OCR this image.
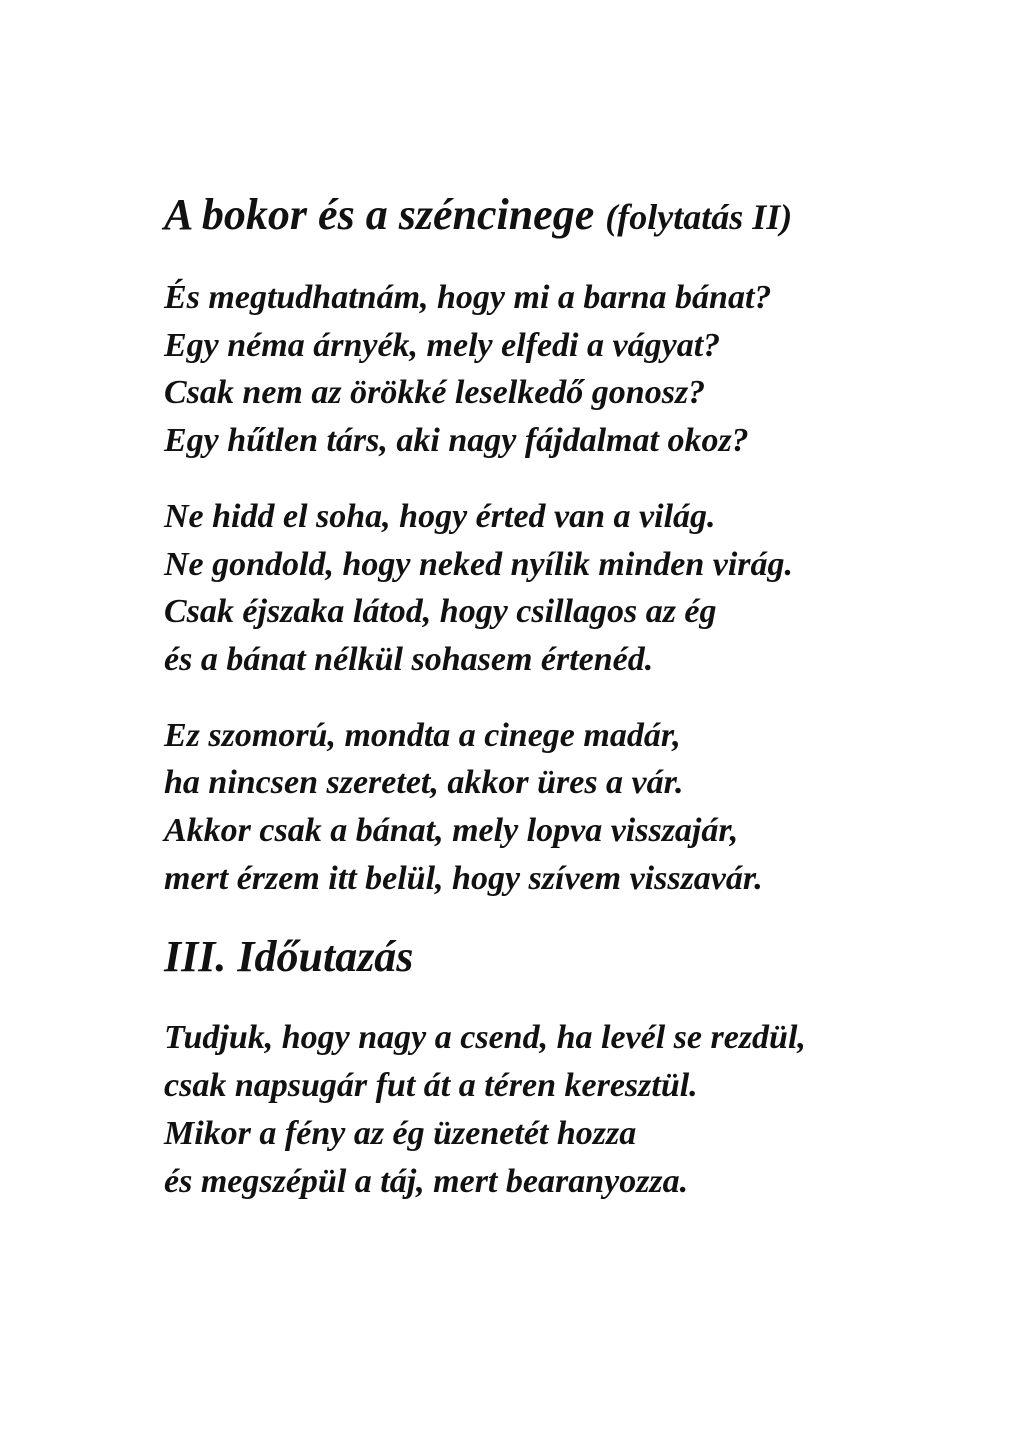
A bokor és a széncinege (folytatás II)
És megtudhatnám, hogy mi a barna bánat?
Egy néma árnyék, mely elfedi a vágyat?
Csak nem az örökké leselkedő gonosz?
Egy hűtlen társ, aki nagy fájdalmat okoz?
Ne hidd el soha, hogy érted van a világ.
Ne gondold, hogy neked nyílik minden virág.
Csak éjszaka látod, hogy csillagos az ég
és a bánat nélkül sohasem értenéd.
Ez szomorú, mondta a cinege madár,
ha nincsen szeretet, akkor üres a vár.
Akkor csak a bánat, mely lopva visszajár,
mert érzem itt belül, hogy szívem visszavár.
III. Időutazás
Tudjuk, hogy nagy a csend, ha levél se rezdül,
csak napsugár fut át a téren keresztül.
Mikor a fény az ég üzenetét hozza
és megszépül a táj, mert bearanyozza.
